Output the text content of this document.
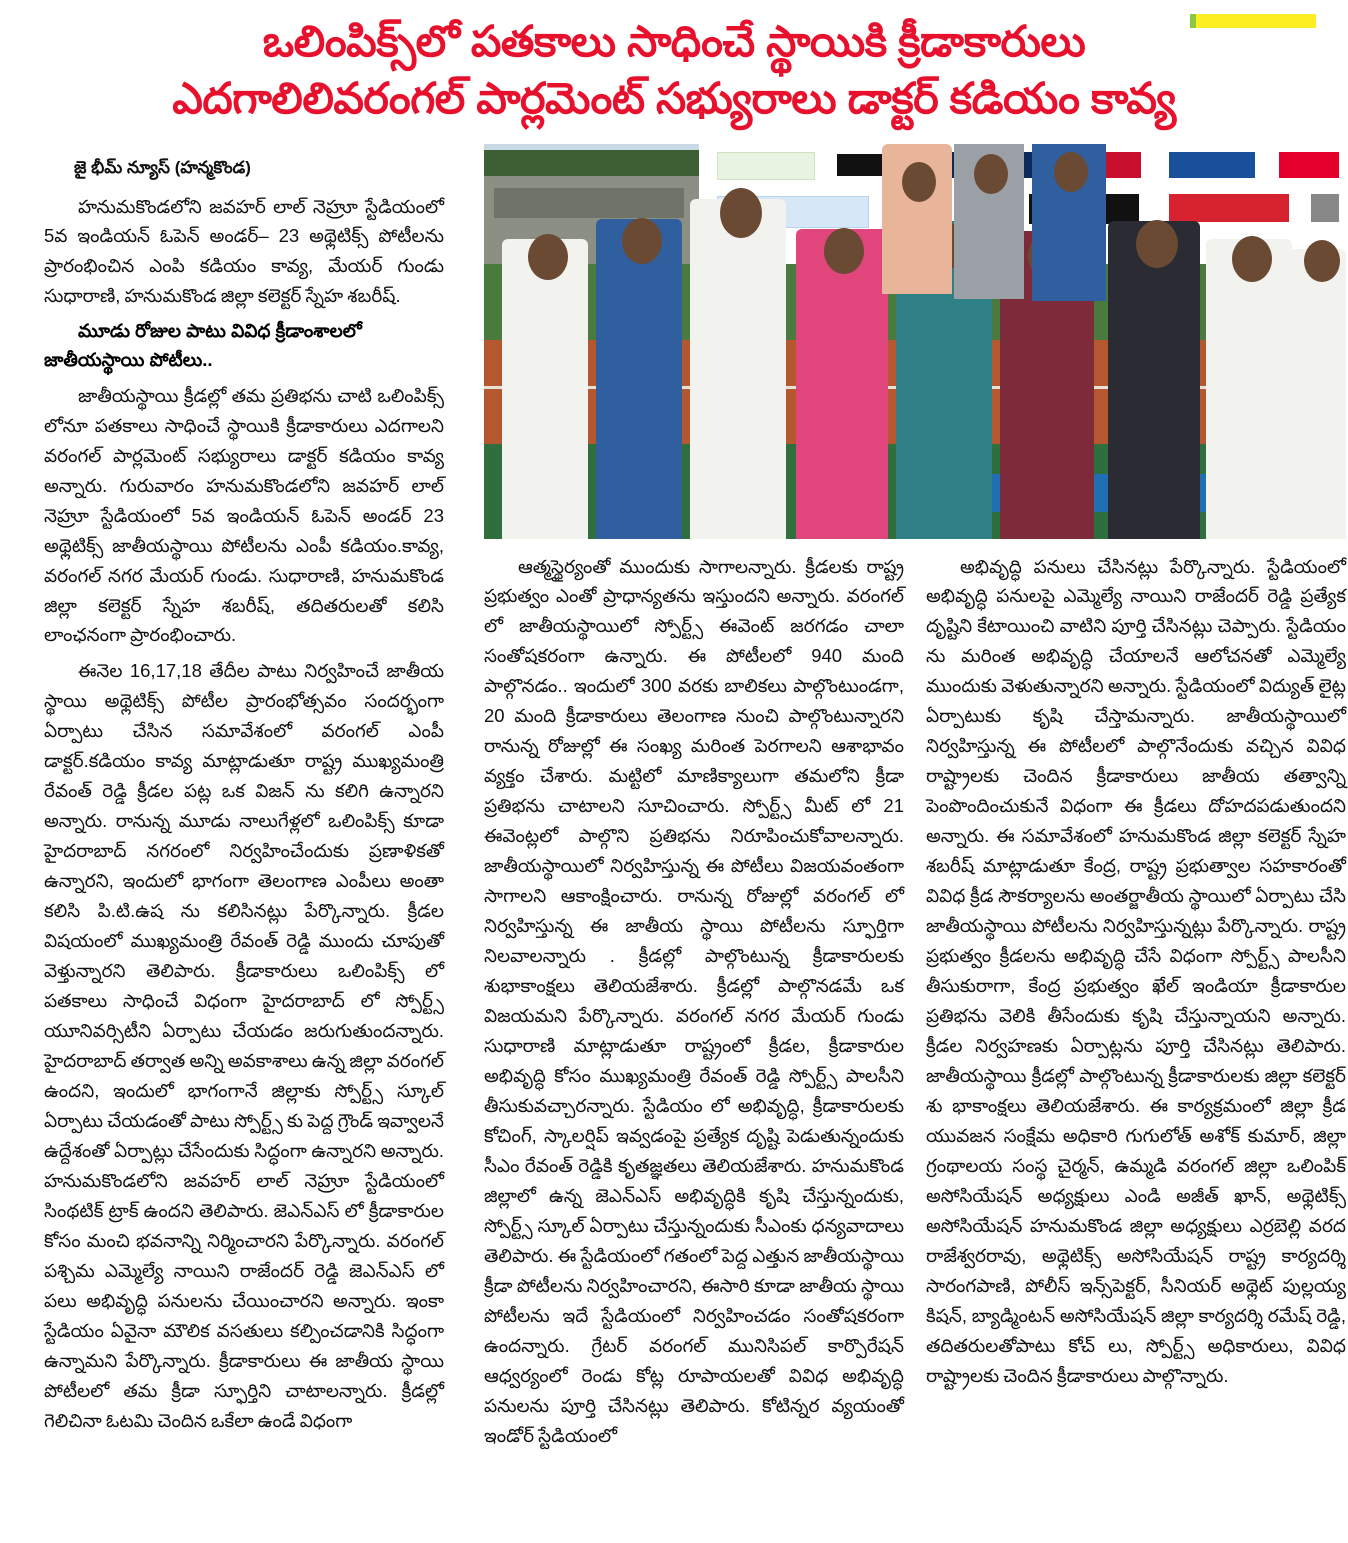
ఒలింపిక్స్‌లో పతకాలు సాధించే స్థాయికి క్రీడాకారులు
ఎదగాలిలివరంగల్ పార్లమెంట్ సభ్యురాలు డాక్టర్ కడియం కావ్య
జై భీమ్ న్యూస్ (హన్మకొండ)

హనుమకొండలోని జవహర్ లాల్ నెహ్రూ స్టేడియంలో 5వ ఇండియన్ ఓపెన్ అండర్– 23 అథ్లెటిక్స్ పోటీలను ప్రారంభించిన ఎంపి కడియం కావ్య, మేయర్ గుండు సుధారాణి, హనుమకొండ జిల్లా కలెక్టర్ స్నేహ శబరీష్.

మూడు రోజుల పాటు వివిధ క్రీడాంశాలలో జాతీయస్థాయి పోటీలు..

జాతీయస్థాయి క్రీడల్లో తమ ప్రతిభను చాటి ఒలింపిక్స్ లోనూ పతకాలు సాధించే స్థాయికి క్రీడాకారులు ఎదగాలని వరంగల్ పార్లమెంట్ సభ్యురాలు డాక్టర్ కడియం కావ్య అన్నారు. గురువారం హనుమకొండలోని జవహర్ లాల్ నెహ్రూ స్టేడియంలో 5వ ఇండియన్ ఓపెన్ అండర్ 23 అథ్లెటిక్స్ జాతీయస్థాయి పోటీలను ఎంపీ కడియం.కావ్య, వరంగల్ నగర మేయర్ గుండు. సుధారాణి, హనుమకొండ జిల్లా కలెక్టర్ స్నేహ శబరీష్, తదితరులతో కలిసి లాంఛనంగా ప్రారంభించారు.

ఈనెల 16,17,18 తేదీల పాటు నిర్వహించే జాతీయ స్థాయి అథ్లెటిక్స్ పోటీల ప్రారంభోత్సవం సందర్భంగా ఏర్పాటు చేసిన సమావేశంలో వరంగల్ ఎంపీ డాక్టర్.కడియం కావ్య మాట్లాడుతూ రాష్ట్ర ముఖ్యమంత్రి రేవంత్ రెడ్డి క్రీడల పట్ల ఒక విజన్ ను కలిగి ఉన్నారని అన్నారు. రానున్న మూడు నాలుగేళ్లలో ఒలింపిక్స్ కూడా హైదరాబాద్ నగరంలో నిర్వహించేందుకు ప్రణాళికతో ఉన్నారని, ఇందులో భాగంగా తెలంగాణ ఎంపీలు అంతా కలిసి పి.టి.ఉష ను కలిసినట్లు పేర్కొన్నారు. క్రీడల విషయంలో ముఖ్యమంత్రి రేవంత్ రెడ్డి ముందు చూపుతో వెళ్తున్నారని తెలిపారు. క్రీడాకారులు ఒలింపిక్స్ లో పతకాలు సాధించే విధంగా హైదరాబాద్ లో స్పోర్ట్స్ యూనివర్సిటీని ఏర్పాటు చేయడం జరుగుతుందన్నారు. హైదరాబాద్ తర్వాత అన్ని అవకాశాలు ఉన్న జిల్లా వరంగల్ ఉందని, ఇందులో భాగంగానే జిల్లాకు స్పోర్ట్స్ స్కూల్ ఏర్పాటు చేయడంతో పాటు స్పోర్ట్స్ కు పెద్ద గ్రౌండ్ ఇవ్వాలనే ఉద్దేశంతో ఏర్పాట్లు చేసేందుకు సిద్ధంగా ఉన్నారని అన్నారు. హనుమకొండలోని జవహర్ లాల్ నెహ్రూ స్టేడియంలో సింథటిక్ ట్రాక్ ఉందని తెలిపారు. జెఎన్ఎస్ లో క్రీడాకారుల కోసం మంచి భవనాన్ని నిర్మించారని పేర్కొన్నారు. వరంగల్ పశ్చిమ ఎమ్మెల్యే నాయిని రాజేందర్ రెడ్డి జెఎన్ఎస్ లో పలు అభివృద్ధి పనులను చేయించారని అన్నారు. ఇంకా స్టేడియం ఏవైనా మౌలిక వసతులు కల్పించడానికి సిద్ధంగా ఉన్నామని పేర్కొన్నారు. క్రీడాకారులు ఈ జాతీయ స్థాయి పోటీలలో తమ క్రీడా స్ఫూర్తిని చాటాలన్నారు. క్రీడల్లో గెలిచినా ఓటమి చెందిన ఒకేలా ఉండే విధంగా

ఆత్మస్థైర్యంతో ముందుకు సాగాలన్నారు. క్రీడలకు రాష్ట్ర ప్రభుత్వం ఎంతో ప్రాధాన్యతను ఇస్తుందని అన్నారు. వరంగల్ లో జాతీయస్థాయిలో స్పోర్ట్స్ ఈవెంట్ జరగడం చాలా సంతోషకరంగా ఉన్నారు. ఈ పోటీలలో 940 మంది పాల్గొనడం.. ఇందులో 300 వరకు బాలికలు పాల్గొంటుండగా, 20 మంది క్రీడాకారులు తెలంగాణ నుంచి పాల్గొంటున్నారని రానున్న రోజుల్లో ఈ సంఖ్య మరింత పెరగాలని ఆశాభావం వ్యక్తం చేశారు. మట్టిలో మాణిక్యాలుగా తమలోని క్రీడా ప్రతిభను చాటాలని సూచించారు. స్పోర్ట్స్ మీట్ లో 21 ఈవెంట్లలో పాల్గొని ప్రతిభను నిరూపించుకోవాలన్నారు. జాతీయస్థాయిలో నిర్వహిస్తున్న ఈ పోటీలు విజయవంతంగా సాగాలని ఆకాంక్షించారు. రానున్న రోజుల్లో వరంగల్ లో నిర్వహిస్తున్న ఈ జాతీయ స్థాయి పోటీలను స్ఫూర్తిగా నిలవాలన్నారు . క్రీడల్లో పాల్గొంటున్న క్రీడాకారులకు శుభాకాంక్షలు తెలియజేశారు. క్రీడల్లో పాల్గొనడమే ఒక విజయమని పేర్కొన్నారు. వరంగల్ నగర మేయర్ గుండు సుధారాణి మాట్లాడుతూ రాష్ట్రంలో క్రీడల, క్రీడాకారుల అభివృద్ధి కోసం ముఖ్యమంత్రి రేవంత్ రెడ్డి స్పోర్ట్స్ పాలసీని తీసుకువచ్చారన్నారు. స్టేడియం లో అభివృద్ధి, క్రీడాకారులకు కోచింగ్, స్కాలర్షిప్ ఇవ్వడంపై ప్రత్యేక దృష్టి పెడుతున్నందుకు సీఎం రేవంత్ రెడ్డికి కృతజ్ఞతలు తెలియజేశారు. హనుమకొండ జిల్లాలో ఉన్న జెఎన్ఎస్ అభివృద్ధికి కృషి చేస్తున్నందుకు, స్పోర్ట్స్ స్కూల్ ఏర్పాటు చేస్తున్నందుకు సీఎంకు ధన్యవాదాలు తెలిపారు. ఈ స్టేడియంలో గతంలో పెద్ద ఎత్తున జాతీయస్థాయి క్రీడా పోటీలను నిర్వహించారని, ఈసారి కూడా జాతీయ స్థాయి పోటీలను ఇదే స్టేడియంలో నిర్వహించడం సంతోషకరంగా ఉందన్నారు. గ్రేటర్ వరంగల్ మునిసిపల్ కార్పొరేషన్ ఆధ్వర్యంలో రెండు కోట్ల రూపాయలతో వివిధ అభివృద్ధి పనులను పూర్తి చేసినట్లు తెలిపారు. కోటిన్నర వ్యయంతో ఇండోర్ స్టేడియంలో

అభివృద్ధి పనులు చేసినట్లు పేర్కొన్నారు. స్టేడియంలో అభివృద్ధి పనులపై ఎమ్మెల్యే నాయిని రాజేందర్ రెడ్డి ప్రత్యేక దృష్టిని కేటాయించి వాటిని పూర్తి చేసినట్లు చెప్పారు. స్టేడియం ను మరింత అభివృద్ధి చేయాలనే ఆలోచనతో ఎమ్మెల్యే ముందుకు వెళుతున్నారని అన్నారు. స్టేడియంలో విద్యుత్ లైట్ల ఏర్పాటుకు కృషి చేస్తామన్నారు. జాతీయస్థాయిలో నిర్వహిస్తున్న ఈ పోటీలలో పాల్గొనేందుకు వచ్చిన వివిధ రాష్ట్రాలకు చెందిన క్రీడాకారులు జాతీయ తత్వాన్ని పెంపొందించుకునే విధంగా ఈ క్రీడలు దోహదపడుతుందని అన్నారు. ఈ సమావేశంలో హనుమకొండ జిల్లా కలెక్టర్ స్నేహ శబరీష్ మాట్లాడుతూ కేంద్ర, రాష్ట్ర ప్రభుత్వాల సహకారంతో వివిధ క్రీడ సౌకర్యాలను అంతర్జాతీయ స్థాయిలో ఏర్పాటు చేసి జాతీయస్థాయి పోటీలను నిర్వహిస్తున్నట్లు పేర్కొన్నారు. రాష్ట్ర ప్రభుత్వం క్రీడలను అభివృద్ధి చేసే విధంగా స్పోర్ట్స్ పాలసీని తీసుకురాగా, కేంద్ర ప్రభుత్వం ఖేల్ ఇండియా క్రీడాకారుల ప్రతిభను వెలికి తీసేందుకు కృషి చేస్తున్నాయని అన్నారు. క్రీడల నిర్వహణకు ఏర్పాట్లను పూర్తి చేసినట్లు తెలిపారు. జాతీయస్థాయి క్రీడల్లో పాల్గొంటున్న క్రీడాకారులకు జిల్లా కలెక్టర్ శు భాకాంక్షలు తెలియజేశారు. ఈ కార్యక్రమంలో జిల్లా క్రీడ యువజన సంక్షేమ అధికారి గుగులోత్ అశోక్ కుమార్, జిల్లా గ్రంథాలయ సంస్థ చైర్మన్, ఉమ్మడి వరంగల్ జిల్లా ఒలింపిక్ అసోసియేషన్ అధ్యక్షులు ఎండి అజీత్ ఖాన్, అథ్లెటిక్స్ అసోసియేషన్ హనుమకొండ జిల్లా అధ్యక్షులు ఎర్రబెల్లి వరద రాజేశ్వరరావు, అథ్లెటిక్స్ అసోసియేషన్ రాష్ట్ర కార్యదర్శి సారంగపాణి, పోలీస్ ఇన్స్‌పెక్టర్, సీనియర్ అథ్లెట్ పుల్లయ్య కిషన్, బ్యాడ్మింటన్ అసోసియేషన్ జిల్లా కార్యదర్శి రమేష్ రెడ్డి, తదితరులతోపాటు కోచ్ లు, స్పోర్ట్స్ అధికారులు, వివిధ రాష్ట్రాలకు చెందిన క్రీడాకారులు పాల్గొన్నారు.
